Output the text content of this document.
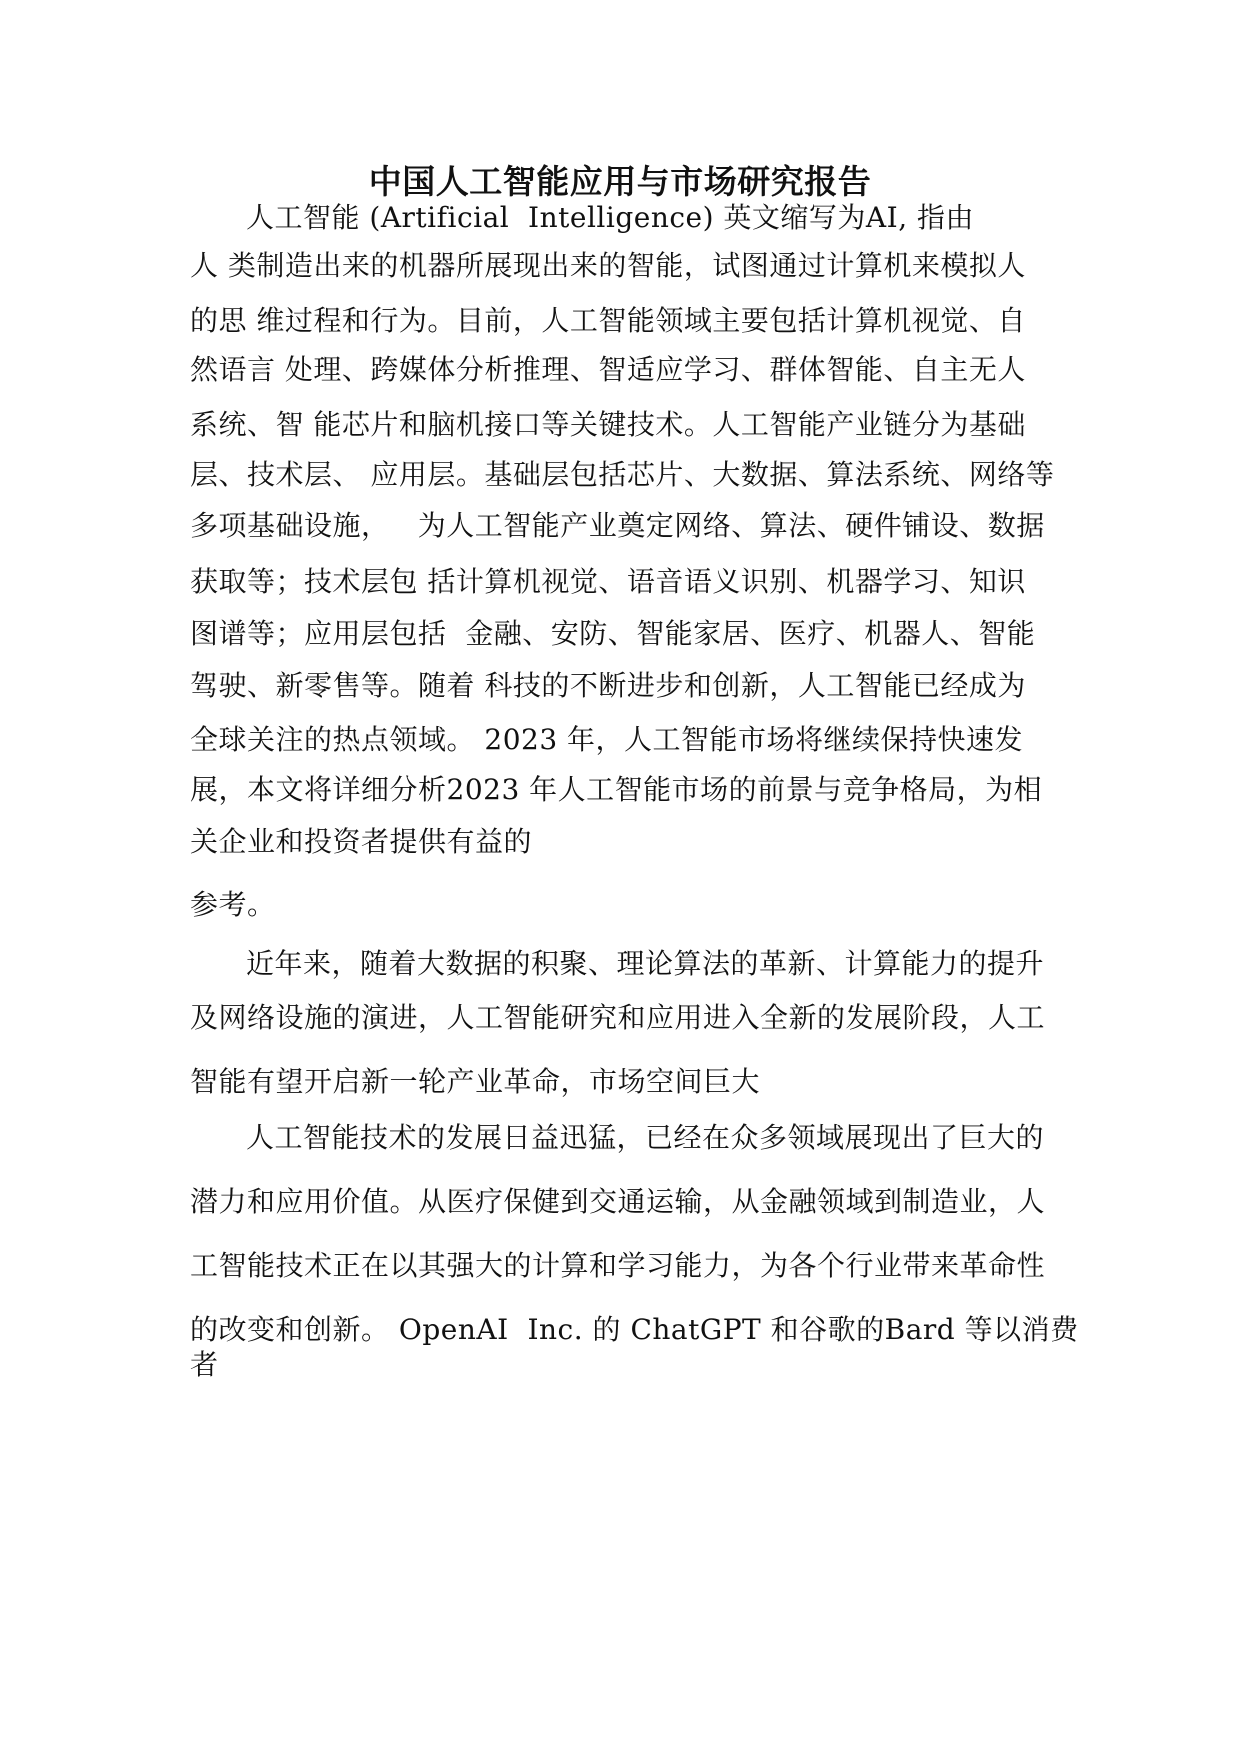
中国人工智能应用与市场研究报告
人工智能 (Artificial  Intelligence) 英文缩写为AI, 指由
人 类制造出来的机器所展现出来的智能，试图通过计算机来模拟人
的思 维过程和行为。目前，人工智能领域主要包括计算机视觉、自
然语言 处理、跨媒体分析推理、智适应学习、群体智能、自主无人
系统、智 能芯片和脑机接口等关键技术。人工智能产业链分为基础
层、技术层、 应用层。基础层包括芯片、大数据、算法系统、网络等
多项基础设施，   为人工智能产业奠定网络、算法、硬件铺设、数据
获取等；技术层包 括计算机视觉、语音语义识别、机器学习、知识
图谱等；应用层包括  金融、安防、智能家居、医疗、机器人、智能
驾驶、新零售等。随着 科技的不断进步和创新，人工智能已经成为
全球关注的热点领域。 2023 年，人工智能市场将继续保持快速发
展，本文将详细分析2023 年人工智能市场的前景与竞争格局，为相
关企业和投资者提供有益的
参考。
近年来，随着大数据的积聚、理论算法的革新、计算能力的提升
及网络设施的演进，人工智能研究和应用进入全新的发展阶段，人工
智能有望开启新一轮产业革命，市场空间巨大
人工智能技术的发展日益迅猛，已经在众多领域展现出了巨大的
潜力和应用价值。从医疗保健到交通运输，从金融领域到制造业，人
工智能技术正在以其强大的计算和学习能力，为各个行业带来革命性
的改变和创新。 OpenAI  Inc. 的 ChatGPT 和谷歌的Bard 等以消费
者
